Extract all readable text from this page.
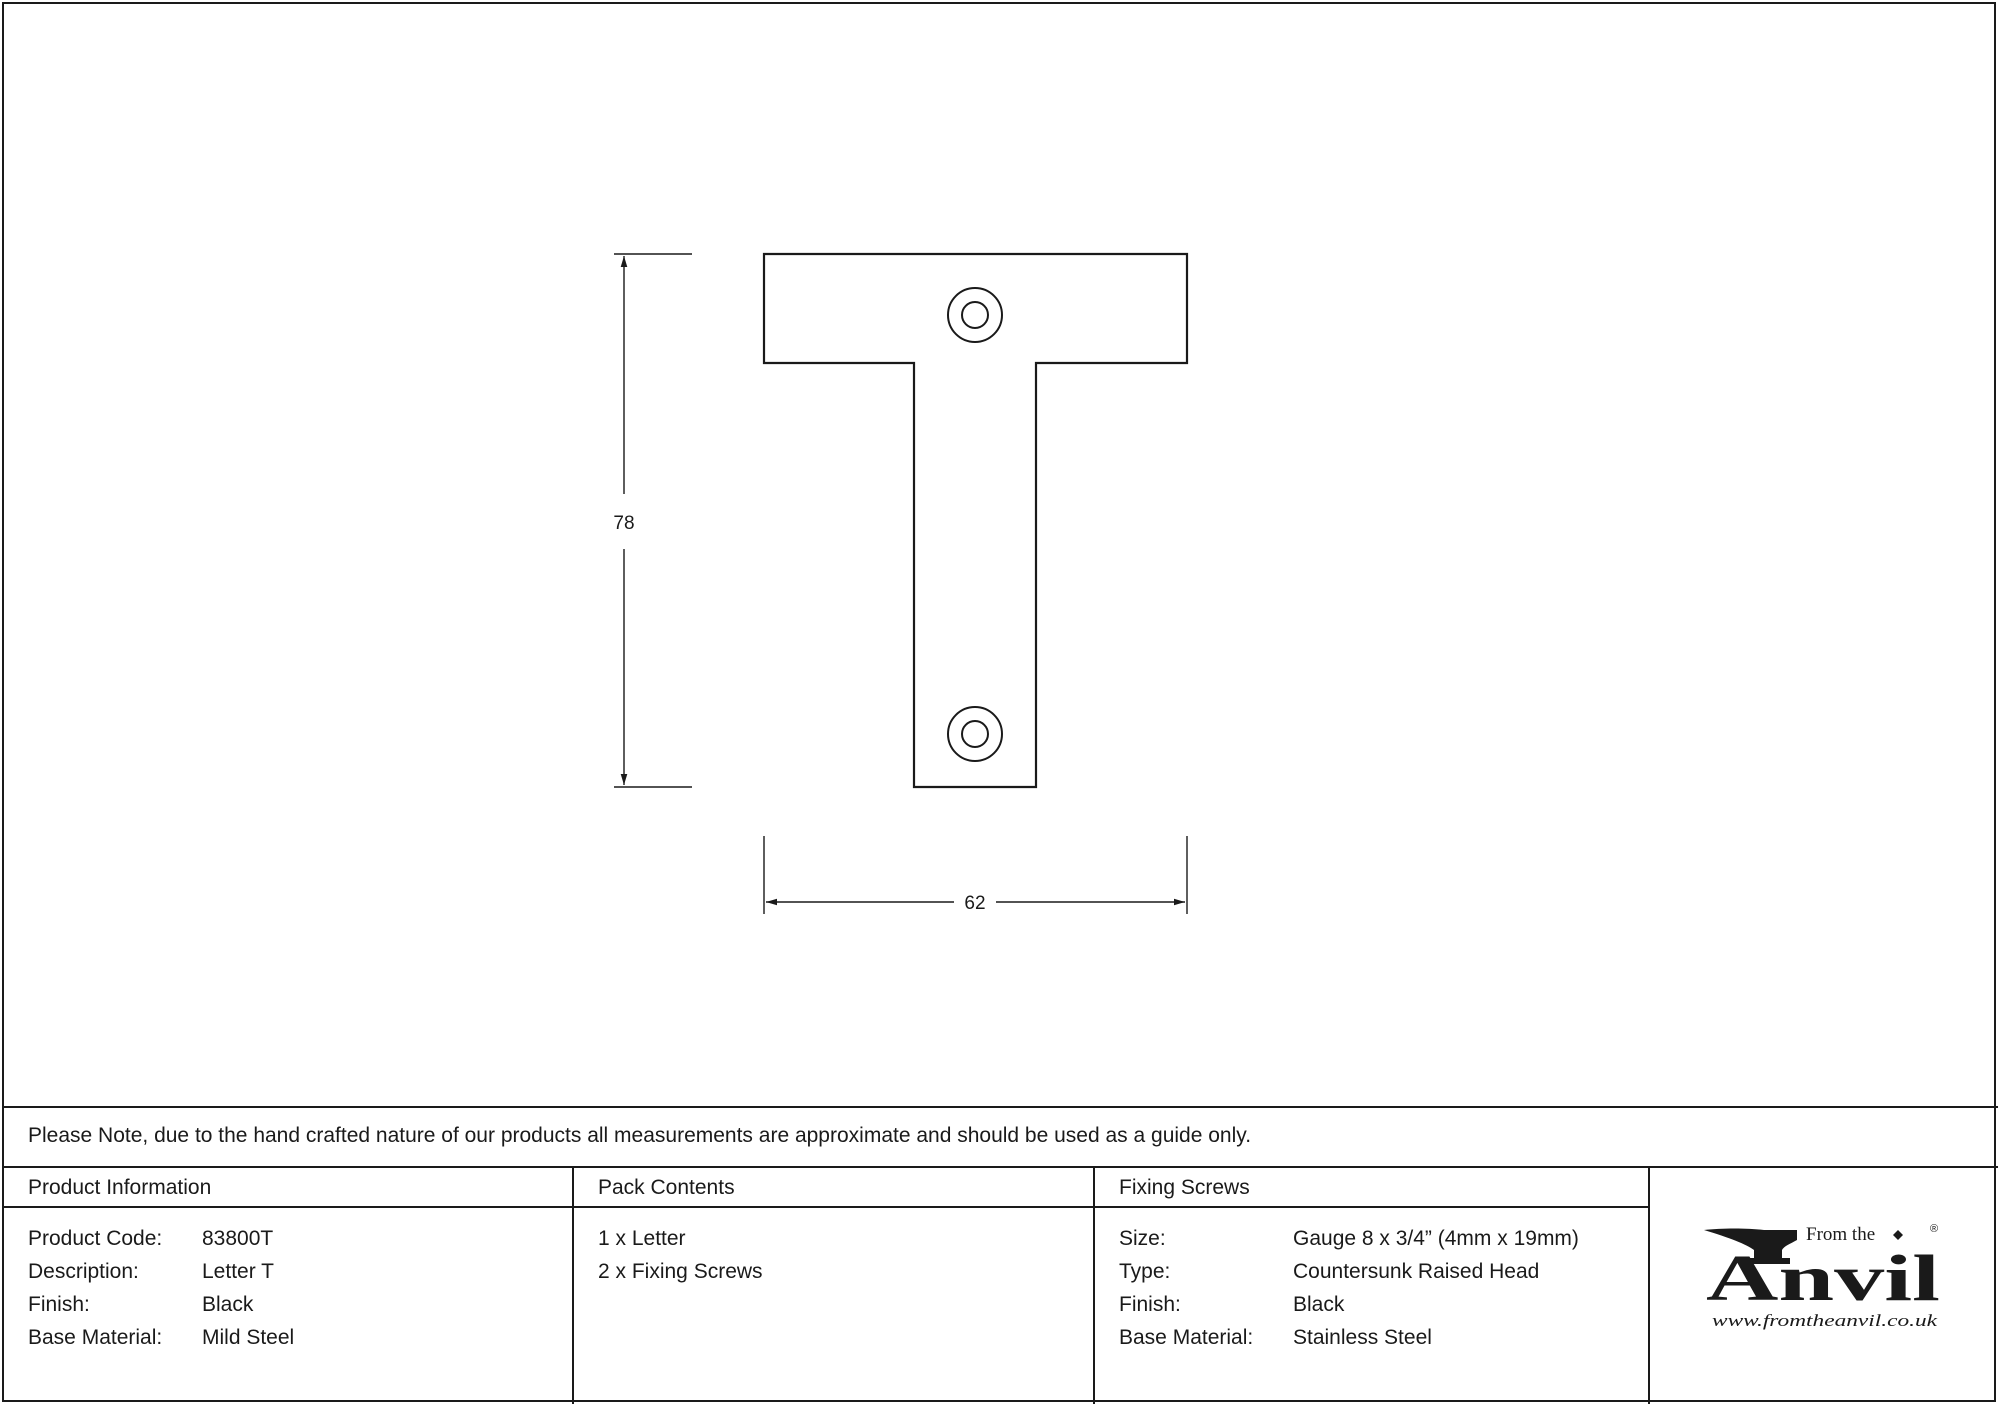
78
62
Please Note, due to the hand crafted nature of our products all measurements are approximate and should be used as a guide only.
Product Information
Product Code: 83800T
Description:	Letter T
Finish:	Black
Base Material: Mild Steel
Pack Contents
1 x Letter
2 x Fixing Screws
Fixing Screws
Size:	Gauge 8 x 3/4” (4mm x 19mm)
Type:	Countersunk Raised Head
Finish:	Black
Base Material: Stainless Steel
From the	®
Anvil
www.fromtheanvil.co.uk
